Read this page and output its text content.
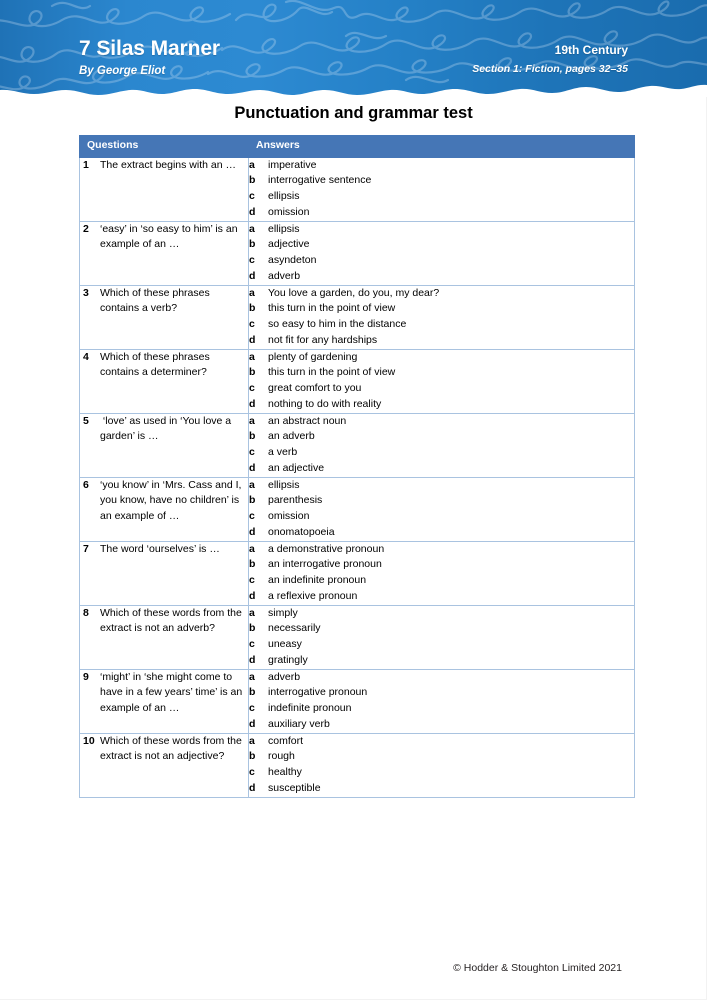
7 Silas Marner
By George Eliot
19th Century
Section 1: Fiction, pages 32–35
Punctuation and grammar test
Questions	Answers

1	The extract begins with an …	a	imperative
b	interrogative sentence
c	ellipsis
d	omission

2	‘easy’ in ‘so easy to him’ is an example of an …

a	ellipsis
b	adjective
c	asyndeton
d	adverb

3	Which of these phrases contains a verb?

a	You love a garden, do you, my dear?
b	this turn in the point of view
c	so easy to him in the distance
d	not fit for any hardships

4	Which of these phrases contains a determiner?

a	plenty of gardening
b	this turn in the point of view
c	great comfort to you
d	nothing to do with reality

5	‘love’ as used in ‘You love a garden’ is …

a	an abstract noun
b	an adverb
c	a verb
d	an adjective

6	‘you know’ in ‘Mrs. Cass and I, you know, have no children’ is an example of …

a	ellipsis
b	parenthesis
c	omission
d	onomatopoeia

7	The word ‘ourselves’ is …	a	a demonstrative pronoun
b	an interrogative pronoun
c	an indefinite pronoun
d	a reflexive pronoun

8	Which of these words from the extract is not an adverb?

a	simply
b	necessarily
c	uneasy
d	gratingly

9	‘might’ in ‘she might come to have in a few years’ time’ is an example of an …

a	adverb
b	interrogative pronoun
c	indefinite pronoun
d	auxiliary verb

10 Which of these words from the extract is not an adjective?

a	comfort
b	rough
c	healthy
d	susceptible
© Hodder & Stoughton Limited 2021
